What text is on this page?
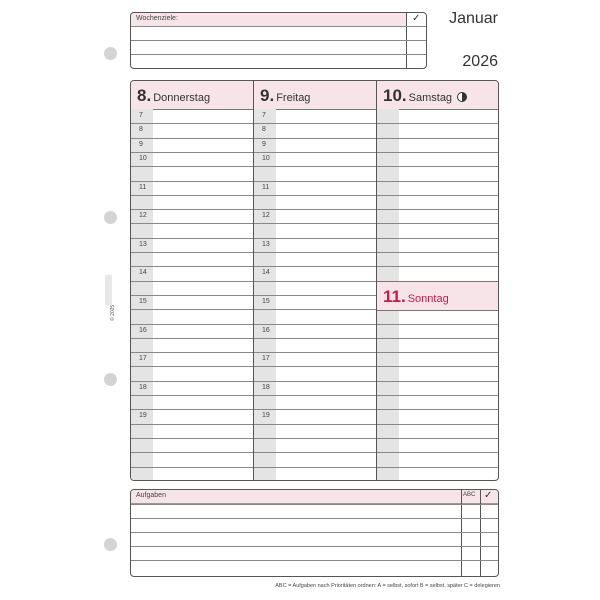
Wochenziele:	✓ Januar
2026
© 2025
8. Donnerstag
7
8
9
10
11
12
13
14
15
16
17
18
19
9. Freitag
7
8
9
10
11
12
13
14
15
16
17
18
19
10. Samstag
11. Sonntag
Aufgaben	ABC ✓
ABC = Aufgaben nach Prioritäten ordnen: A = selbst, sofort B = selbst, später C = delegieren
